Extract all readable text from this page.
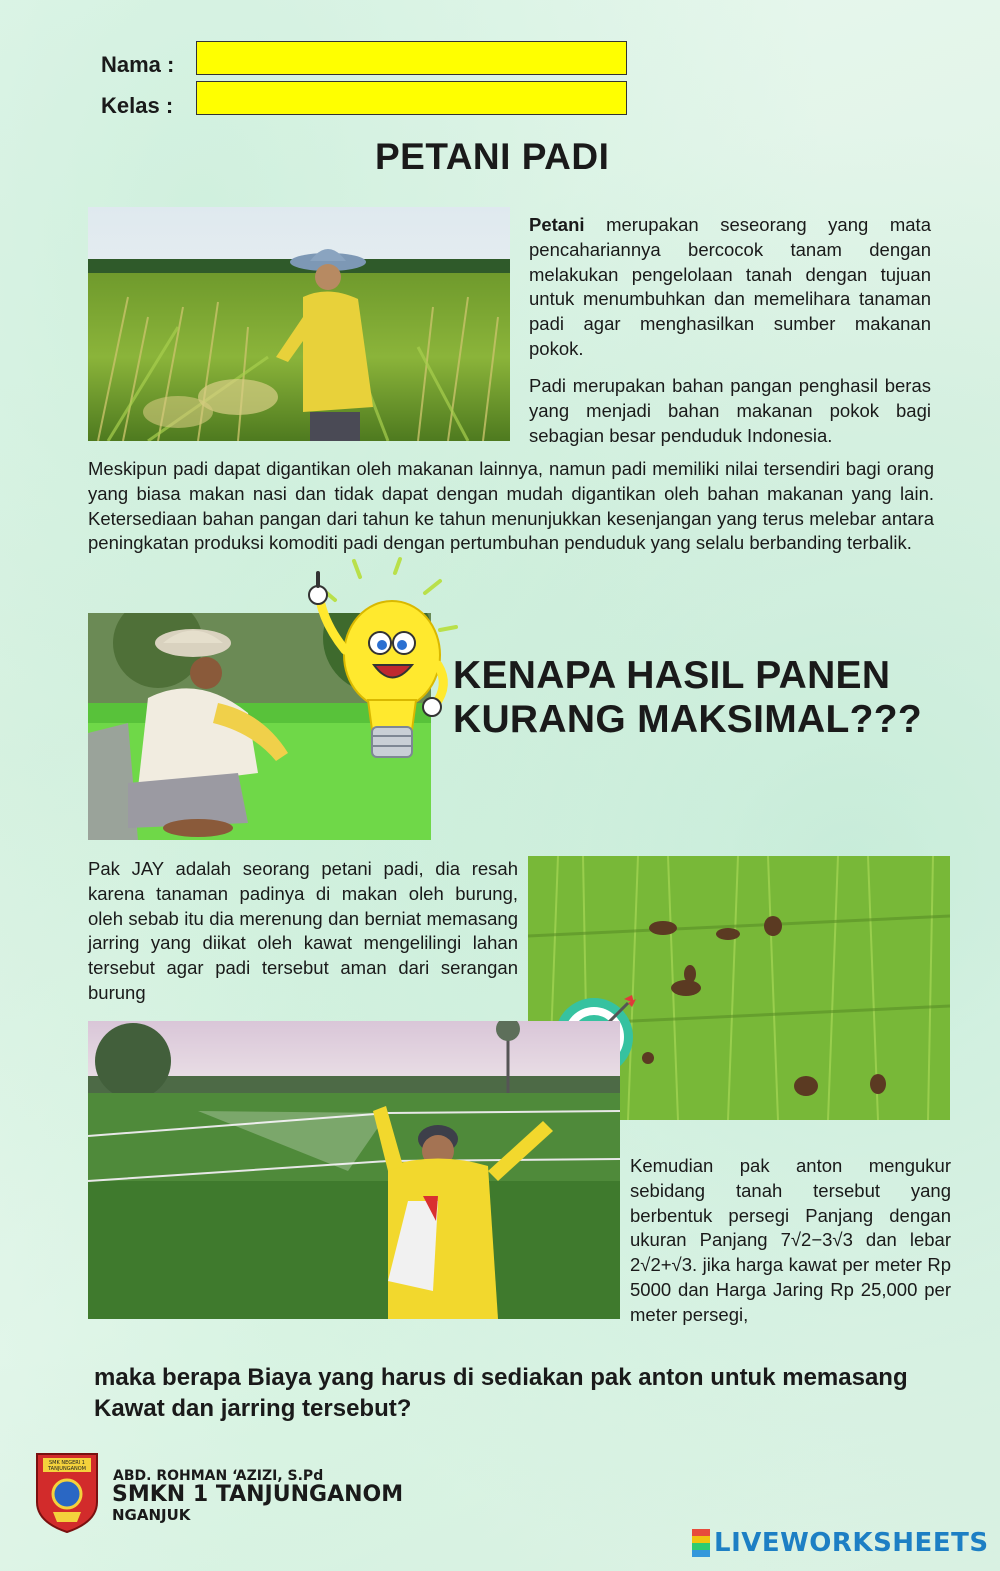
Nama :
Kelas :
PETANI PADI
Petani merupakan seseorang yang mata pencahariannya bercocok tanam dengan melakukan pengelolaan tanah dengan tujuan untuk menumbuhkan dan memelihara tanaman padi agar menghasilkan sumber makanan pokok.
Padi merupakan bahan pangan penghasil beras yang menjadi bahan makanan pokok bagi sebagian besar penduduk Indonesia.
Meskipun padi dapat digantikan oleh makanan lainnya, namun padi memiliki nilai tersendiri bagi orang yang biasa makan nasi dan tidak dapat dengan mudah digantikan oleh bahan makanan yang lain. Ketersediaan bahan pangan dari tahun ke tahun menunjukkan kesenjangan yang terus melebar antara peningkatan produksi komoditi padi dengan pertumbuhan penduduk yang selalu berbanding terbalik.
KENAPA HASIL PANEN
KURANG MAKSIMAL???
Pak JAY adalah seorang petani padi, dia resah karena tanaman padinya di makan oleh burung, oleh sebab itu dia merenung dan berniat memasang jarring yang diikat oleh kawat mengelilingi lahan tersebut agar padi tersebut aman dari serangan burung
Kemudian pak anton mengukur sebidang tanah tersebut yang berbentuk persegi Panjang dengan ukuran Panjang 7√2−3√3 dan lebar 2√2+√3. jika harga kawat per meter Rp 5000 dan Harga Jaring Rp 25,000 per meter persegi,
maka berapa Biaya yang harus di sediakan pak anton untuk memasang Kawat dan jarring tersebut?
SMK NEGERI 1
TANJUNGANOM ABD. ROHMAN ‘AZIZI, S.Pd
SMKN 1 TANJUNGANOM
NGANJUK
LIVEWORKSHEETS
